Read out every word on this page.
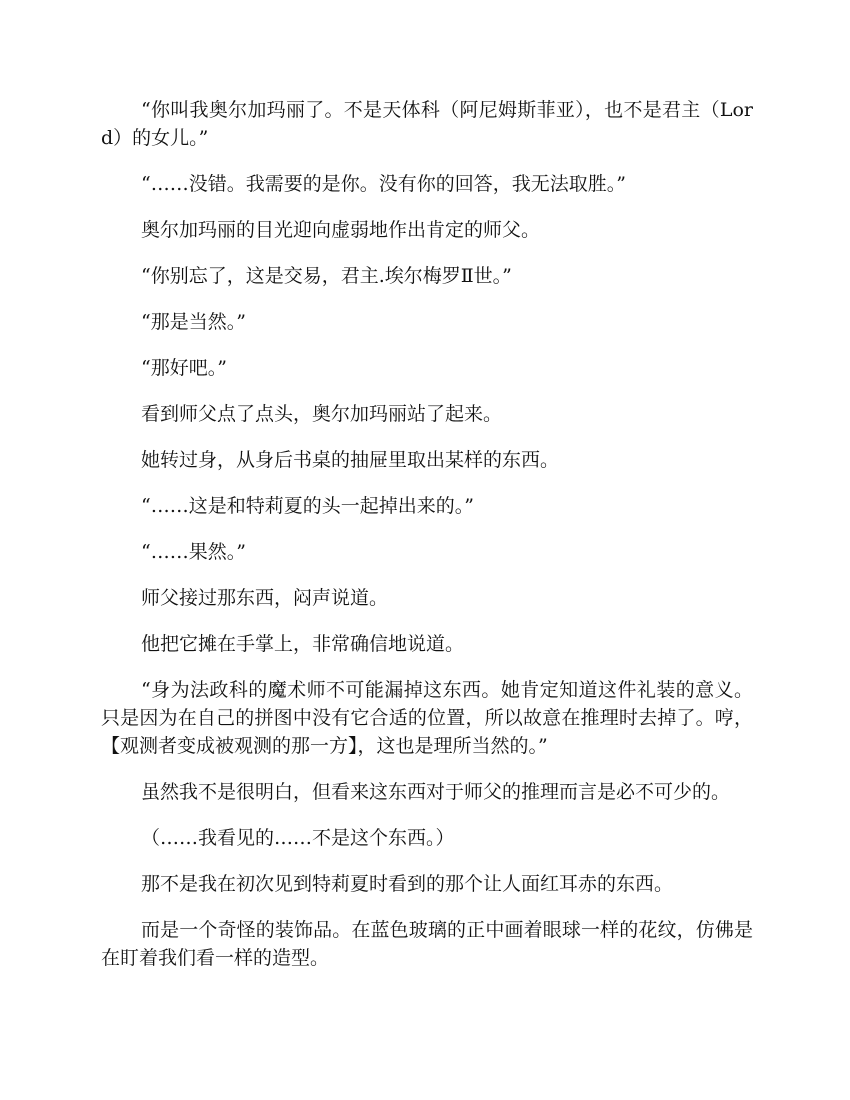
“你叫我奥尔加玛丽了。不是天体科（阿尼姆斯菲亚），也不是君主（Lord）的女儿。”

“……没错。我需要的是你。没有你的回答，我无法取胜。”

奥尔加玛丽的目光迎向虚弱地作出肯定的师父。

“你别忘了，这是交易，君主.埃尔梅罗Ⅱ世。”

“那是当然。”

“那好吧。”

看到师父点了点头，奥尔加玛丽站了起来。

她转过身，从身后书桌的抽屉里取出某样的东西。

“……这是和特莉夏的头一起掉出来的。”

“……果然。”

师父接过那东西，闷声说道。

他把它摊在手掌上，非常确信地说道。

“身为法政科的魔术师不可能漏掉这东西。她肯定知道这件礼装的意义。只是因为在自己的拼图中没有它合适的位置，所以故意在推理时去掉了。哼，【观测者变成被观测的那一方】，这也是理所当然的。”

虽然我不是很明白，但看来这东西对于师父的推理而言是必不可少的。

（……我看见的……不是这个东西。）

那不是我在初次见到特莉夏时看到的那个让人面红耳赤的东西。

而是一个奇怪的装饰品。在蓝色玻璃的正中画着眼球一样的花纹，仿佛是在盯着我们看一样的造型。
